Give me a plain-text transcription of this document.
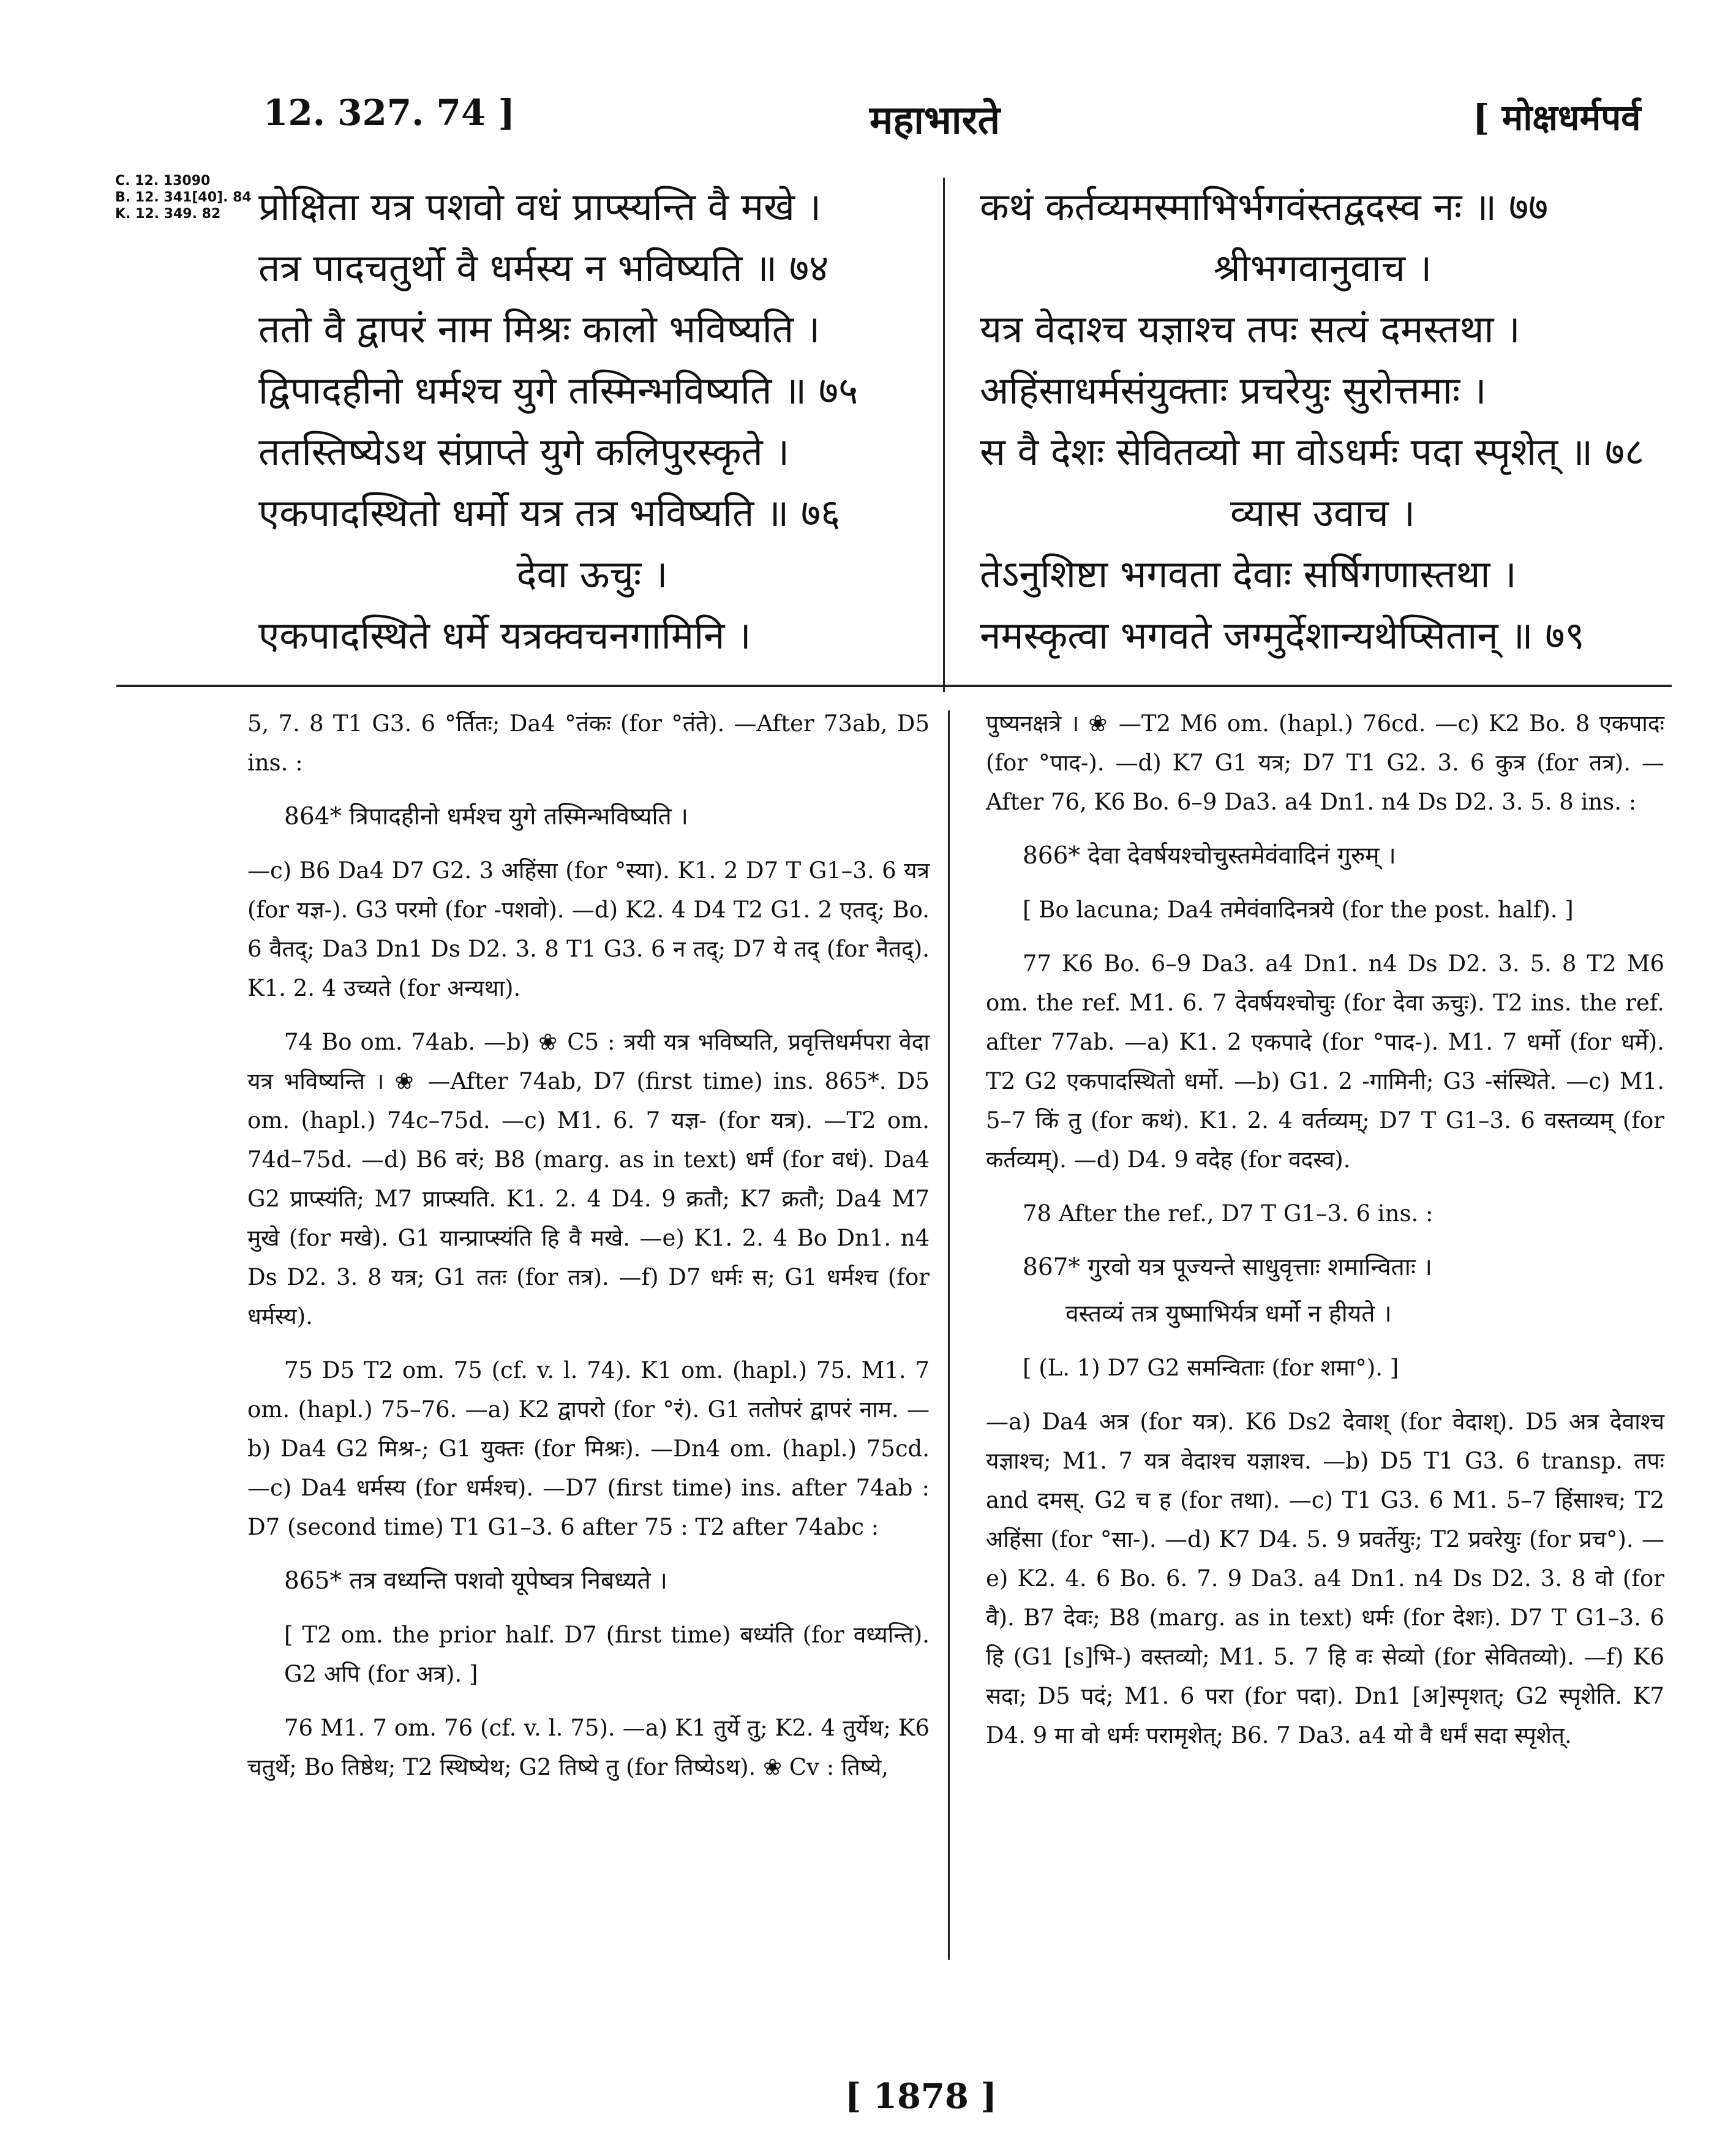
12. 327. 74 ]	महाभारते	[ मोक्षधर्मपर्व
C. 12. 13090
B. 12. 341[40]. 84
K. 12. 349. 82 प्रोक्षिता यत्र पशवो वधं प्राप्स्यन्ति वै मखे ।
तत्र पादचतुर्थो वै धर्मस्य न भविष्यति ॥ ७४
ततो वै द्वापरं नाम मिश्रः कालो भविष्यति ।
द्विपादहीनो धर्मश्च युगे तस्मिन्भविष्यति ॥ ७५
ततस्तिष्येऽथ संप्राप्ते युगे कलिपुरस्कृते ।
एकपादस्थितो धर्मो यत्र तत्र भविष्यति ॥ ७६
देवा ऊचुः ।
एकपादस्थिते धर्मे यत्रक्वचनगामिनि ।
कथं कर्तव्यमस्माभिर्भगवंस्तद्वदस्व नः ॥ ७७
श्रीभगवानुवाच ।
यत्र वेदाश्च यज्ञाश्च तपः सत्यं दमस्तथा ।
अहिंसाधर्मसंयुक्ताः प्रचरेयुः सुरोत्तमाः ।
स वै देशः सेवितव्यो मा वोऽधर्मः पदा स्पृशेत् ॥ ७८
व्यास उवाच ।
तेऽनुशिष्टा भगवता देवाः सर्षिगणास्तथा ।
नमस्कृत्वा भगवते जग्मुर्देशान्यथेप्सितान् ॥ ७९

5, 7. 8 T1 G3. 6 °र्तितः; Da4 °तंकः (for °तंते). —After 73ab, D5 ins. :

864* त्रिपादहीनो धर्मश्च युगे तस्मिन्भविष्यति ।

—c) B6 Da4 D7 G2. 3 अहिंसा (for °स्या). K1. 2 D7 T G1–3. 6 यत्र (for यज्ञ-). G3 परमो (for -पशवो). —d) K2. 4 D4 T2 G1. 2 एतद्; Bo. 6 वैतद्; Da3 Dn1 Ds D2. 3. 8 T1 G3. 6 न तद्; D7 ये तद् (for नैतद्). K1. 2. 4 उच्यते (for अन्यथा).

74 Bo om. 74ab. —b) ❀ C5 : त्रयी यत्र भविष्यति, प्रवृत्तिधर्मपरा वेदा यत्र भविष्यन्ति । ❀ —After 74ab, D7 (first time) ins. 865*. D5 om. (hapl.) 74c–75d. —c) M1. 6. 7 यज्ञ- (for यत्र). —T2 om. 74d–75d. —d) B6 वरं; B8 (marg. as in text) धर्मं (for वधं). Da4 G2 प्राप्स्यंति; M7 प्राप्स्यति. K1. 2. 4 D4. 9 क्रतौ; K7 क्रतौ; Da4 M7 मुखे (for मखे). G1 यान्प्राप्स्यंति हि वै मखे. —e) K1. 2. 4 Bo Dn1. n4 Ds D2. 3. 8 यत्र; G1 ततः (for तत्र). —f) D7 धर्मः स; G1 धर्मश्च (for धर्मस्य).

75 D5 T2 om. 75 (cf. v. l. 74). K1 om. (hapl.) 75. M1. 7 om. (hapl.) 75–76. —a) K2 द्वापरो (for °रं). G1 ततोपरं द्वापरं नाम. —b) Da4 G2 मिश्र-; G1 युक्तः (for मिश्रः). —Dn4 om. (hapl.) 75cd. —c) Da4 धर्मस्य (for धर्मश्च). —D7 (first time) ins. after 74ab : D7 (second time) T1 G1–3. 6 after 75 : T2 after 74abc :

865* तत्र वध्यन्ति पशवो यूपेष्वत्र निबध्यते ।

[ T2 om. the prior half. D7 (first time) बध्यंति (for वध्यन्ति). G2 अपि (for अत्र). ]

76 M1. 7 om. 76 (cf. v. l. 75). —a) K1 तुर्ये तु; K2. 4 तुर्येथ; K6 चतुर्थे; Bo तिष्ठेथ; T2 स्थिष्येथ; G2 तिष्ये तु (for तिष्येऽथ). ❀ Cv : तिष्ये,

पुष्यनक्षत्रे । ❀ —T2 M6 om. (hapl.) 76cd. —c) K2 Bo. 8 एकपादः (for °पाद-). —d) K7 G1 यत्र; D7 T1 G2. 3. 6 कुत्र (for तत्र). —After 76, K6 Bo. 6–9 Da3. a4 Dn1. n4 Ds D2. 3. 5. 8 ins. :

866* देवा देवर्षयश्चोचुस्तमेवंवादिनं गुरुम् ।

[ Bo lacuna; Da4 तमेवंवादिनत्रये (for the post. half). ]

77 K6 Bo. 6–9 Da3. a4 Dn1. n4 Ds D2. 3. 5. 8 T2 M6 om. the ref. M1. 6. 7 देवर्षयश्चोचुः (for देवा ऊचुः). T2 ins. the ref. after 77ab. —a) K1. 2 एकपादे (for °पाद-). M1. 7 धर्मो (for धर्मे). T2 G2 एकपादस्थितो धर्मो. —b) G1. 2 -गामिनी; G3 -संस्थिते. —c) M1. 5–7 किं तु (for कथं). K1. 2. 4 वर्तव्यम्; D7 T G1–3. 6 वस्तव्यम् (for कर्तव्यम्). —d) D4. 9 वदेह (for वदस्व).

78 After the ref., D7 T G1–3. 6 ins. :

867* गुरवो यत्र पूज्यन्ते साधुवृत्ताः शमान्विताः ।

वस्तव्यं तत्र युष्माभिर्यत्र धर्मो न हीयते ।

[ (L. 1) D7 G2 समन्विताः (for शमा°). ]

—a) Da4 अत्र (for यत्र). K6 Ds2 देवाश् (for वेदाश्). D5 अत्र देवाश्च यज्ञाश्च; M1. 7 यत्र वेदाश्च यज्ञाश्च. —b) D5 T1 G3. 6 transp. तपः and दमस्. G2 च ह (for तथा). —c) T1 G3. 6 M1. 5–7 हिंसाश्च; T2 अहिंसा (for °सा-). —d) K7 D4. 5. 9 प्रवर्तेयुः; T2 प्रवरेयुः (for प्रच°). —e) K2. 4. 6 Bo. 6. 7. 9 Da3. a4 Dn1. n4 Ds D2. 3. 8 वो (for वै). B7 देवः; B8 (marg. as in text) धर्मः (for देशः). D7 T G1–3. 6 हि (G1 [s]भि-) वस्तव्यो; M1. 5. 7 हि वः सेव्यो (for सेवितव्यो). —f) K6 सदा; D5 पदं; M1. 6 परा (for पदा). Dn1 [अ]स्पृशत्; G2 स्पृशेति. K7 D4. 9 मा वो धर्मः परामृशेत्; B6. 7 Da3. a4 यो वै धर्मं सदा स्पृशेत्.

[ 1878 ]
